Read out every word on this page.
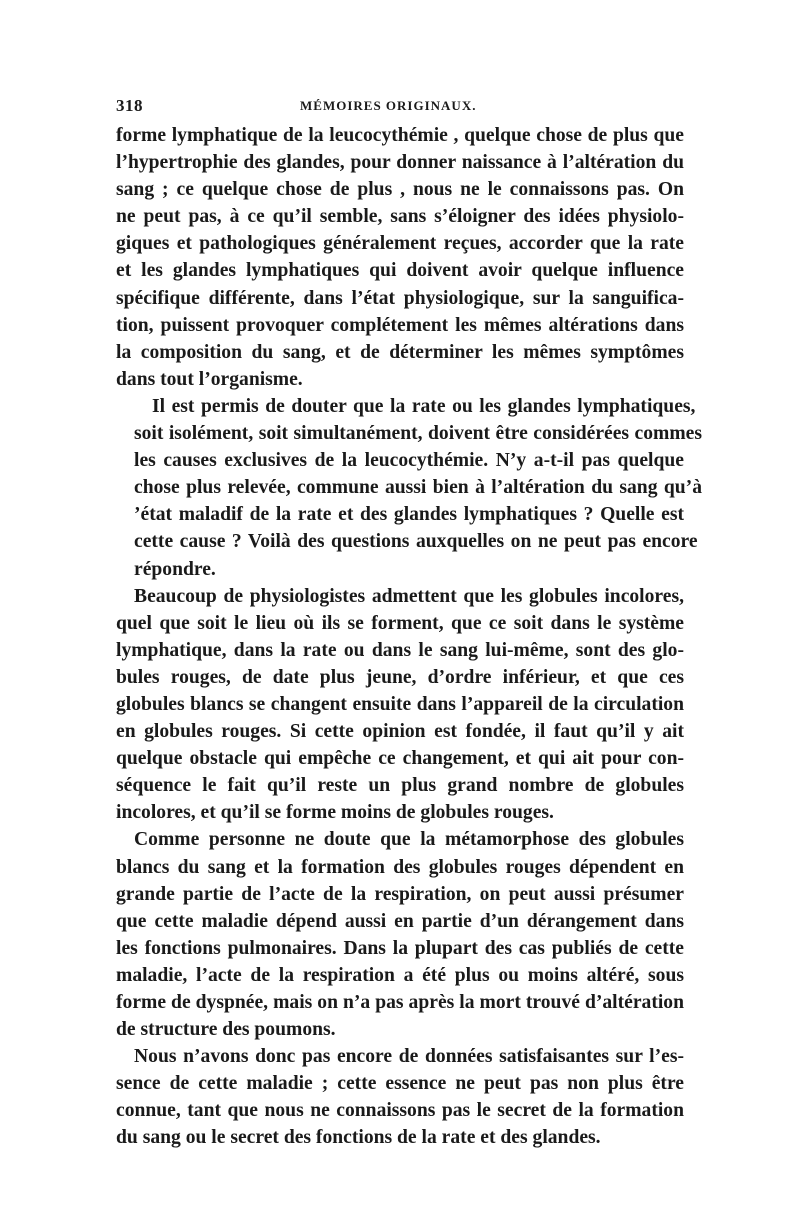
318	MÉMOIRES ORIGINAUX.

forme lymphatique de la leucocythémie , quelque chose de plus que
l’hypertrophie des glandes, pour donner naissance à l’altération du
sang ; ce quelque chose de plus , nous ne le connaissons pas. On
ne peut pas, à ce qu’il semble, sans s’éloigner des idées physiolo-
giques et pathologiques généralement reçues, accorder que la rate
et les glandes lymphatiques qui doivent avoir quelque influence
spécifique différente, dans l’état physiologique, sur la sanguifica-
tion, puissent provoquer complétement les mêmes altérations dans
la composition du sang, et de déterminer les mêmes symptômes
dans tout l’organisme.

Il est permis de douter que la rate ou les glandes lymphatiques,
soit isolément, soit simultanément, doivent être considérées commes
les causes exclusives de la leucocythémie. N’y a-t-il pas quelque
chose plus relevée, commune aussi bien à l’altération du sang qu’à
’état maladif de la rate et des glandes lymphatiques ? Quelle est
cette cause ? Voilà des questions auxquelles on ne peut pas encore
répondre.

Beaucoup de physiologistes admettent que les globules incolores,
quel que soit le lieu où ils se forment, que ce soit dans le système
lymphatique, dans la rate ou dans le sang lui-même, sont des glo-
bules rouges, de date plus jeune, d’ordre inférieur, et que ces
globules blancs se changent ensuite dans l’appareil de la circulation
en globules rouges. Si cette opinion est fondée, il faut qu’il y ait
quelque obstacle qui empêche ce changement, et qui ait pour con-
séquence le fait qu’il reste un plus grand nombre de globules
incolores, et qu’il se forme moins de globules rouges.

Comme personne ne doute que la métamorphose des globules
blancs du sang et la formation des globules rouges dépendent en
grande partie de l’acte de la respiration, on peut aussi présumer
que cette maladie dépend aussi en partie d’un dérangement dans
les fonctions pulmonaires. Dans la plupart des cas publiés de cette
maladie, l’acte de la respiration a été plus ou moins altéré, sous
forme de dyspnée, mais on n’a pas après la mort trouvé d’altération
de structure des poumons.

Nous n’avons donc pas encore de données satisfaisantes sur l’es-
sence de cette maladie ; cette essence ne peut pas non plus être
connue, tant que nous ne connaissons pas le secret de la formation
du sang ou le secret des fonctions de la rate et des glandes.
